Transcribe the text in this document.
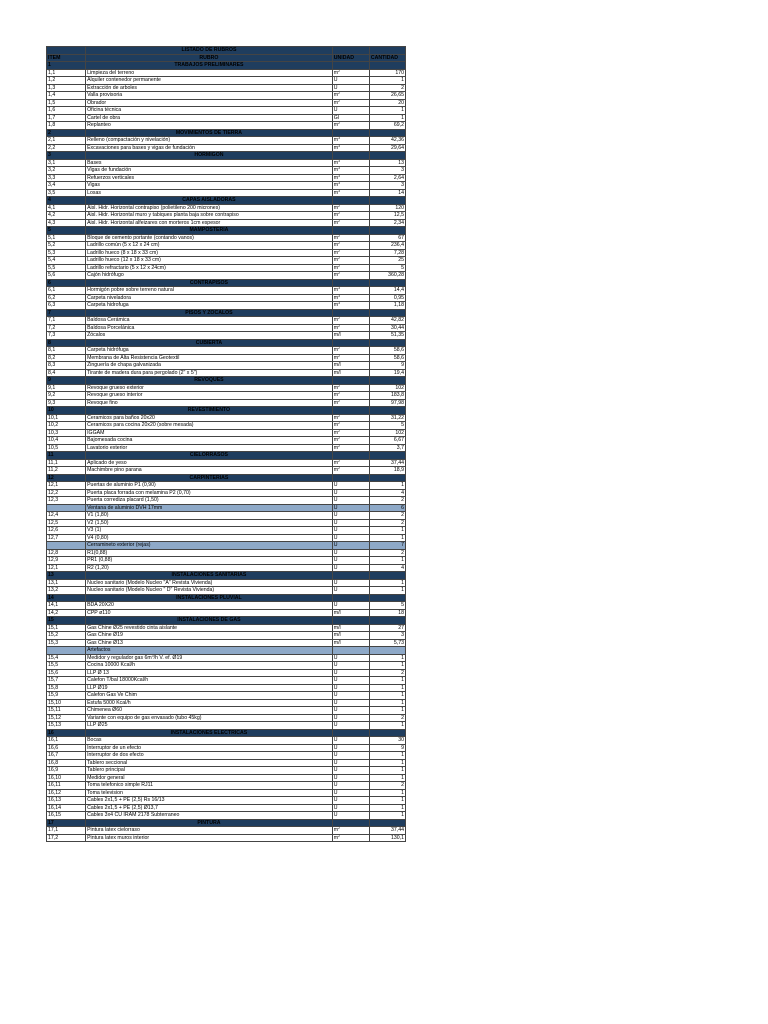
	LISTADO DE RUBROS		
ITEM	RUBRO	UNIDAD	CANTIDAD
1	TRABAJOS PRELIMINARES		
1,1	Limpieza del terreno	$m^2$	170
1,2	Alquiler contenedor permanente	U	1
1,3	Extracción de arboles	U	2
1,4	Valla provisoria	$m^2$	26,65
1,5	Obrador	$m^2$	20
1,6	Oficina técnica	U	1
1,7	Cartel de obra	Gl	1
1,8	Replanteo	$m^2$	69,2
2	MOVIMIENTOS DE TIERRA		
2,1	Relleno (compactación y nivelación)	$m^3$	42,36
2,2	Excavaciones para bases y vigas de fundación	$m^3$	29,64
3	HORMIGÓN		
3,1	Bases	$m^3$	13
3,2	Vigas de fundación	$m^3$	3
3,3	Refuerzos verticales	$m^3$	2,64
3,4	Vigas	$m^3$	3
3,5	Losas	$m^3$	14
4	CAPAS AISLADORAS		
4,1	Aisl. Hidr. Horizontal contrapiso (polietileno 200 micrones)	$m^2$	120
4,2	Aisl. Hidr. Horizontal muro y tabiques planta baja sobre contrapiso	$m^2$	12,5
4,3	Aisl. Hidr. Horizontal alfeizares con morteros 1cm espesor	$m^2$	2,34
5	MAMPOSTERÍA		
5,1	Bloque de cemento portante (contando vanos)	$m^2$	67
5,2	Ladrillo común (5 x 12 x 24 cm)	$m^2$	236,4
5,3	Ladrillo hueco (8 x 18 x 33 cm)	$m^2$	7,28
5,4	Ladrillo hueco (12 x 18 x 33 cm)	$m^2$	25
5,5	Ladrillo refractario (5 x 12 x 24cm)	$m^2$	5
5,6	Cajón hidrófugo	$m^2$	360,28
6	CONTRAPISOS		
6,1	Hormigón pobre sobre terreno natural	$m^3$	14,4
6,2	Carpeta niveladora	$m^3$	0,95
6,3	Carpeta hidrofuga	$m^3$	1,18
7	PISOS Y ZÓCALOS		
7,1	Baldosa Cerámica	$m^2$	42,82
7,2	Baldosa Porcelánica	$m^2$	30,44
7,3	Zócalos	m/l	51,35
8	CUBIERTA		
8,1	Carpeta hidrófuga	$m^2$	58,6
8,2	Membrana de Alta Resistencia Geotextil	$m^2$	58,6
8,3	Zinguería de chapa galvanizada	m/l	9
8,4	Tirante de madera dura para pergolado (2" x 5")	m/l	19,4
9	REVOQUES		
9,1	Revoque grueso exterior	$m^2$	102
9,2	Revoque grueso interior	$m^2$	183,8
9,3	Revoque fino	$m^2$	97,98
10	REVESTIMIENTO		
10,1	Ceramicos para baños 20x20	$m^2$	31,22
10,2	Ceramicos para cocina 20x20 (sobre mesada)	$m^2$	5
10,3	IGGAM	$m^2$	102
10,4	Bajomesada cocina	$m^2$	6,67
10,5	Lavatorio exterior	$m^2$	3,7
11	CIELORRASOS		
11,1	Aplicado de yeso	$m^2$	37,44
11,2	Machimbre pino parana	$m^2$	18,9
12	CARPINTERIAS		
12,1	Puertas de aluminio P1 (0,90)	U	1
12,2	Puerta placa forrada con melamina P2 (0,70)	U	4
12,3	Puerta corrediza placard (1,50)	U	2
	Ventana de aluminio DVH 17mm	U	6
12,4	V1 (1,80)	U	2
12,5	V2 (1,50)	U	2
12,6	V3 (1)	U	1
12,7	V4 (0,80)	U	1
	Cerramineto exterior (rejas)	U	7
12,8	R1(0,88)	U	2
12,9	PR1 (0,88)	U	1
12,1	R2 (1,20)	U	4
13	INSTALACIONES SANITARIAS		
13,1	Nucleo sanitario (Modelo Nucleo "A" Revista Vivienda)	U	1
13,2	Nucleo sanitario (Modelo Nucleo " D" Revista Vivienda)	U	1
14	INSTALACIONES PLUVIAL		
14,1	BDA 20X20	U	5
14,2	CPP ø110	m/l	18
15	INSTALACIONES DE GAS		
15,1	Gas Chine Ø25 revestido cinta aislante	m/l	27
15,2	Gas Chine Ø19	m/l	3
15,3	Gas Chine Ø13	m/l	5,73
	Artefactos		
15,4	Medidor y regulador gas $6m^3/h$ V. ef. Ø19	U	1
15,5	Cocina 10000 Kcal/h	U	1
15,6	LLP Ø 13	U	2
15,7	Calefon T/bal 18000Kcal/h	U	1
15,8	LLP Ø19	U	1
15,9	Calefon Gas Ve Chim	U	1
15,10	Estufa 5000 Kcal/h	U	1
15,11	Chimenea Ø60	U	1
15,12	Variante con equipo de gas envasado (tubo 45kg)	U	2
15,13	LLP Ø25	U	1
16	INSTALACIONES ELECTRICAS		
16,1	Bocas	U	30
16,6	Interruptor de un efecto	U	9
16,7	Interruptor de dos efecto	U	1
16,8	Tablero seccional	U	1
16,9	Tablero principal	U	1
16,10	Medidor general	U	1
16,11	Toma telefonico simple RJ11	U	2
16,12	Toma television	U	1
16,13	Cables 2x1,5 + PE (2,5) Rs 16/13	U	1
16,14	Cables 2x1,5 + PE (2,5) Ø13,7	U	1
16,15	Cables 3x4 CU IRAM 2178 Subterraneo	U	1
17	PINTURA		
17,1	Pintura latex cielorraso	$m^2$	37,44
17,2	Pintura latex muros interior	$m^2$	130,1
